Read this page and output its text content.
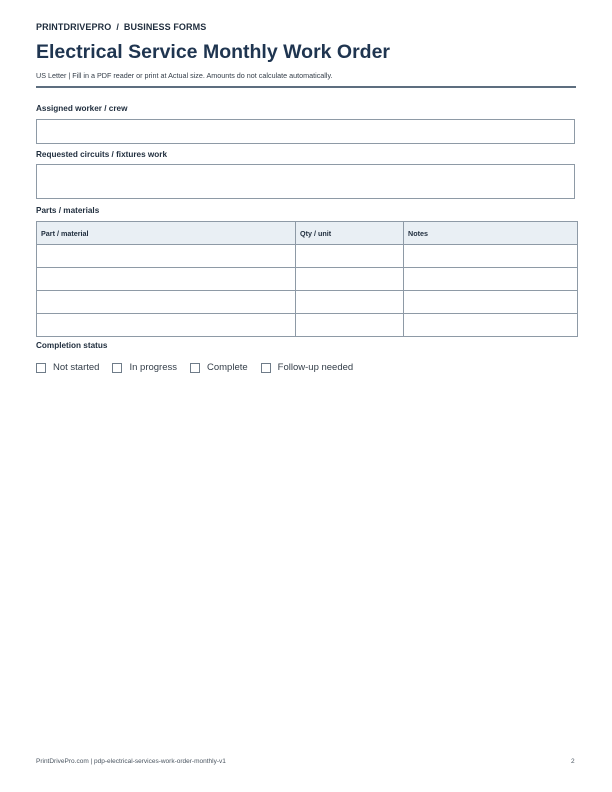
PRINTDRIVEPRO / BUSINESS FORMS
Electrical Service Monthly Work Order
US Letter | Fill in a PDF reader or print at Actual size. Amounts do not calculate automatically.
Assigned worker / crew
Requested circuits / fixtures work
Parts / materials
Part / material	Qty / unit	Notes

Completion status
Not started	In progress	Complete	Follow-up needed
PrintDrivePro.com | pdp-electrical-services-work-order-monthly-v1	2
